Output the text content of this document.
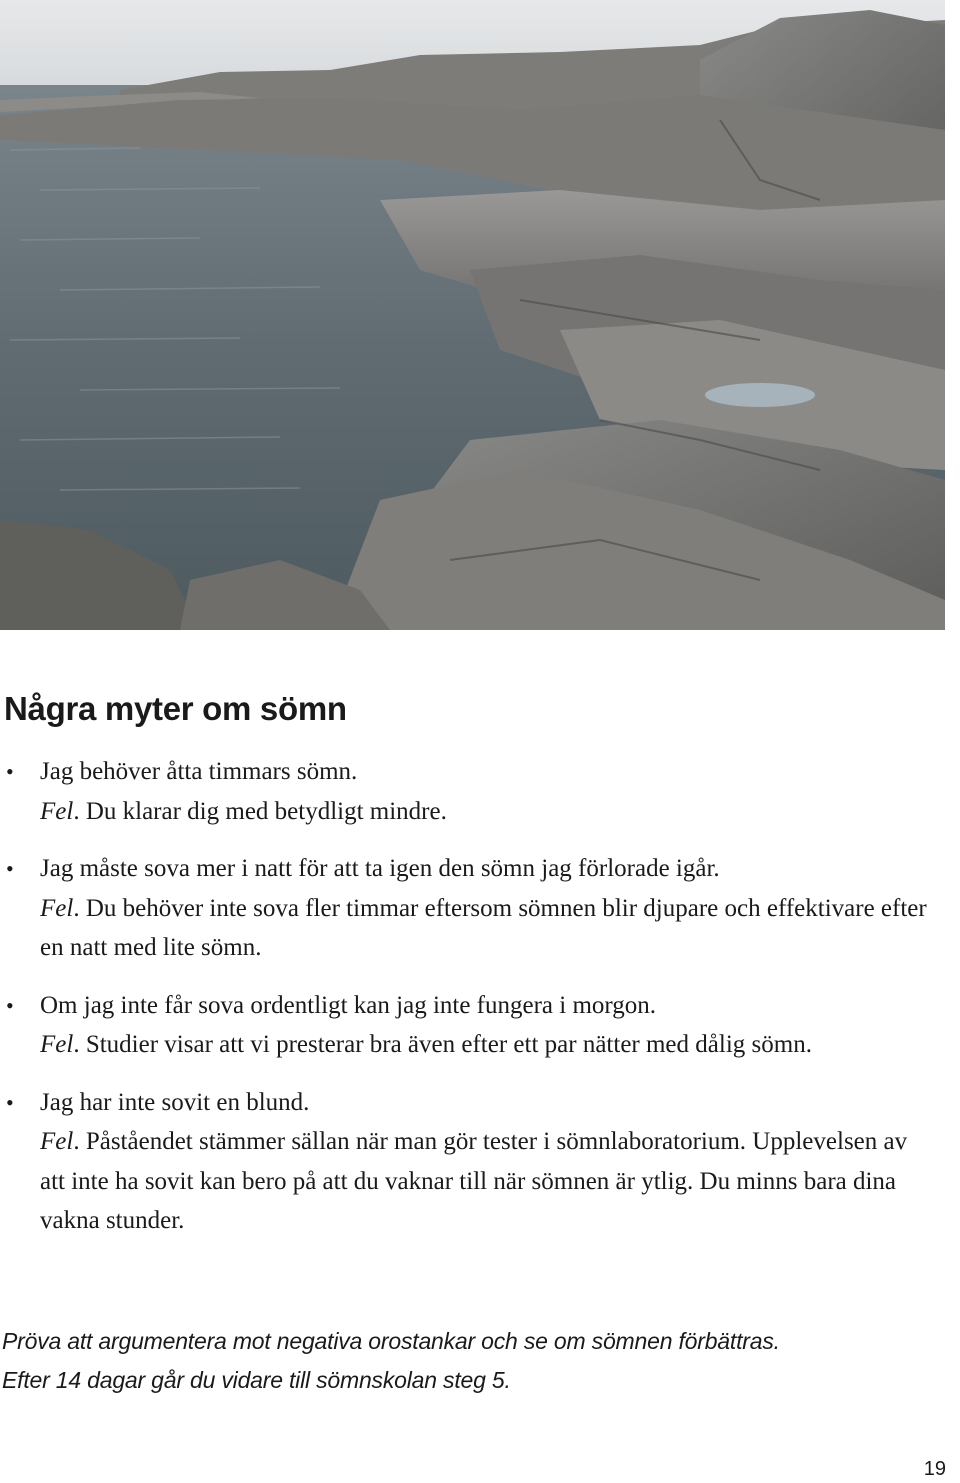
Några myter om sömn
• Jag behöver åtta timmars sömn.
Fel. Du klarar dig med betydligt mindre.
• Jag måste sova mer i natt för att ta igen den sömn jag förlorade igår.
Fel. Du behöver inte sova fler timmar eftersom sömnen blir djupare och effektivare efter en natt med lite sömn.
• Om jag inte får sova ordentligt kan jag inte fungera i morgon.
Fel. Studier visar att vi presterar bra även efter ett par nätter med dålig sömn.
• Jag har inte sovit en blund.
Fel. Påståendet stämmer sällan när man gör tester i sömnlaboratorium. Upplevelsen av att inte ha sovit kan bero på att du vaknar till när sömnen är ytlig. Du minns bara dina vakna stunder.
Pröva att argumentera mot negativa orostankar och se om sömnen förbättras.
Efter 14 dagar går du vidare till sömnskolan steg 5.
19
